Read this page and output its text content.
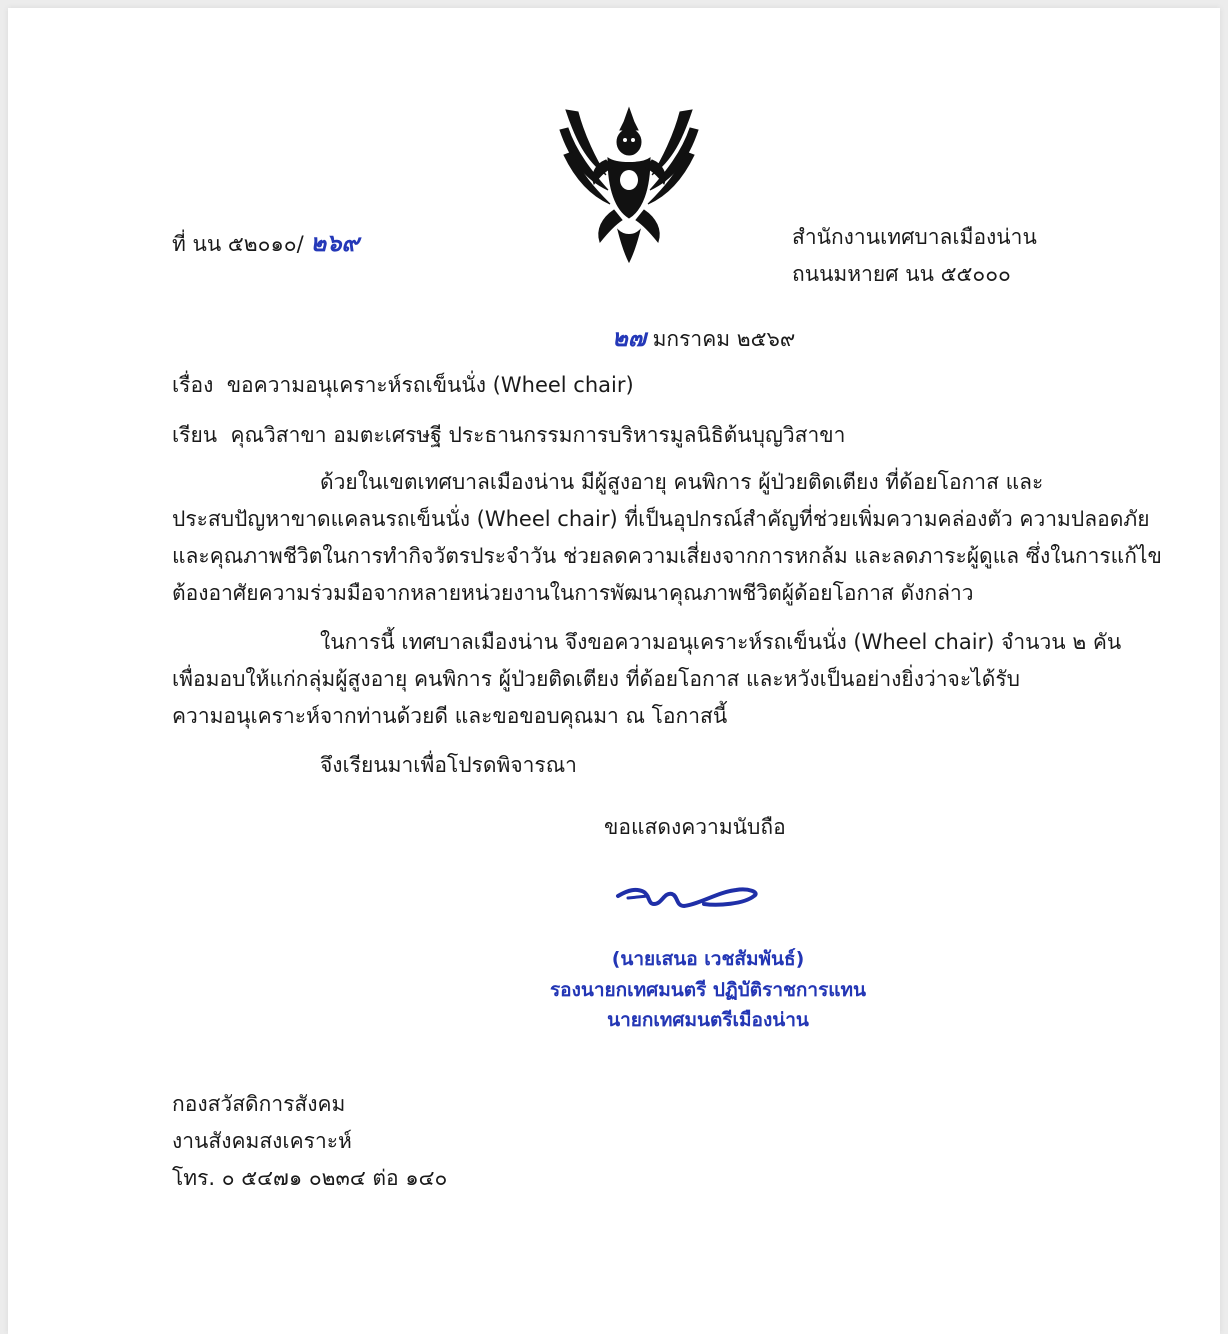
ที่ นน ๕๒๐๑๐/ ๒๖๙	สำนักงานเทศบาลเมืองน่าน
ถนนมหายศ นน ๕๕๐๐๐
๒๗ มกราคม ๒๕๖๙
เรื่อง ขอความอนุเคราะห์รถเข็นนั่ง (Wheel chair)
เรียน คุณวิสาขา อมตะเศรษฐี ประธานกรรมการบริหารมูลนิธิต้นบุญวิสาขา
ด้วยในเขตเทศบาลเมืองน่าน มีผู้สูงอายุ คนพิการ ผู้ป่วยติดเตียง ที่ด้อยโอกาส และ
ประสบปัญหาขาดแคลนรถเข็นนั่ง (Wheel chair) ที่เป็นอุปกรณ์สำคัญที่ช่วยเพิ่มความคล่องตัว ความปลอดภัย
และคุณภาพชีวิตในการทำกิจวัตรประจำวัน ช่วยลดความเสี่ยงจากการหกล้ม และลดภาระผู้ดูแล ซึ่งในการแก้ไข
ต้องอาศัยความร่วมมือจากหลายหน่วยงานในการพัฒนาคุณภาพชีวิตผู้ด้อยโอกาส ดังกล่าว
ในการนี้ เทศบาลเมืองน่าน จึงขอความอนุเคราะห์รถเข็นนั่ง (Wheel chair) จำนวน ๒ คัน
เพื่อมอบให้แก่กลุ่มผู้สูงอายุ คนพิการ ผู้ป่วยติดเตียง ที่ด้อยโอกาส และหวังเป็นอย่างยิ่งว่าจะได้รับ
ความอนุเคราะห์จากท่านด้วยดี และขอขอบคุณมา ณ โอกาสนี้
จึงเรียนมาเพื่อโปรดพิจารณา
ขอแสดงความนับถือ
(นายเสนอ เวชสัมพันธ์)
รองนายกเทศมนตรี ปฏิบัติราชการแทน
นายกเทศมนตรีเมืองน่าน
กองสวัสดิการสังคม
งานสังคมสงเคราะห์
โทร. ๐ ๕๔๗๑ ๐๒๓๔ ต่อ ๑๔๐
